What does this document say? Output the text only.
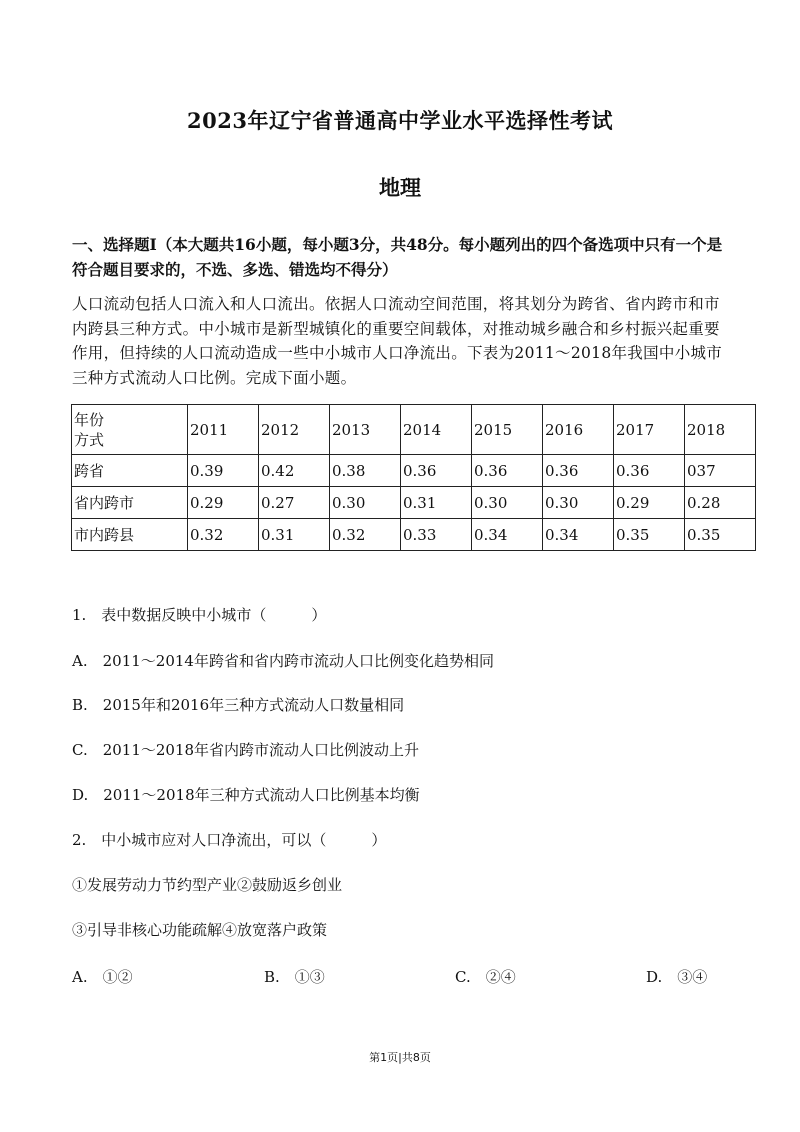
2023年辽宁省普通高中学业水平选择性考试
地理
一、选择题Ⅰ（本大题共16小题，每小题3分，共48分。每小题列出的四个备选项中只有一个是符合题目要求的，不选、多选、错选均不得分）
人口流动包括人口流入和人口流出。依据人口流动空间范围，将其划分为跨省、省内跨市和市内跨县三种方式。中小城市是新型城镇化的重要空间载体，对推动城乡融合和乡村振兴起重要作用，但持续的人口流动造成一些中小城市人口净流出。下表为2011～2018年我国中小城市三种方式流动人口比例。完成下面小题。
年份
方式	2011	2012	2013	2014	2015	2016	2017	2018
跨省	0.39	0.42	0.38	0.36	0.36	0.36	0.36	037
省内跨市	0.29	0.27	0.30	0.31	0.30	0.30	0.29	0.28
市内跨县	0.32	0.31	0.32	0.33	0.34	0.34	0.35	0.35
1.　表中数据反映中小城市（　　　）
A.　2011～2014年跨省和省内跨市流动人口比例变化趋势相同
B.　2015年和2016年三种方式流动人口数量相同
C.　2011～2018年省内跨市流动人口比例波动上升
D.　2011～2018年三种方式流动人口比例基本均衡
2.　中小城市应对人口净流出，可以（　　　）
①发展劳动力节约型产业②鼓励返乡创业
③引导非核心功能疏解④放宽落户政策
A.　①②	B.　①③	C.　②④	D.　③④
第1页|共8页
